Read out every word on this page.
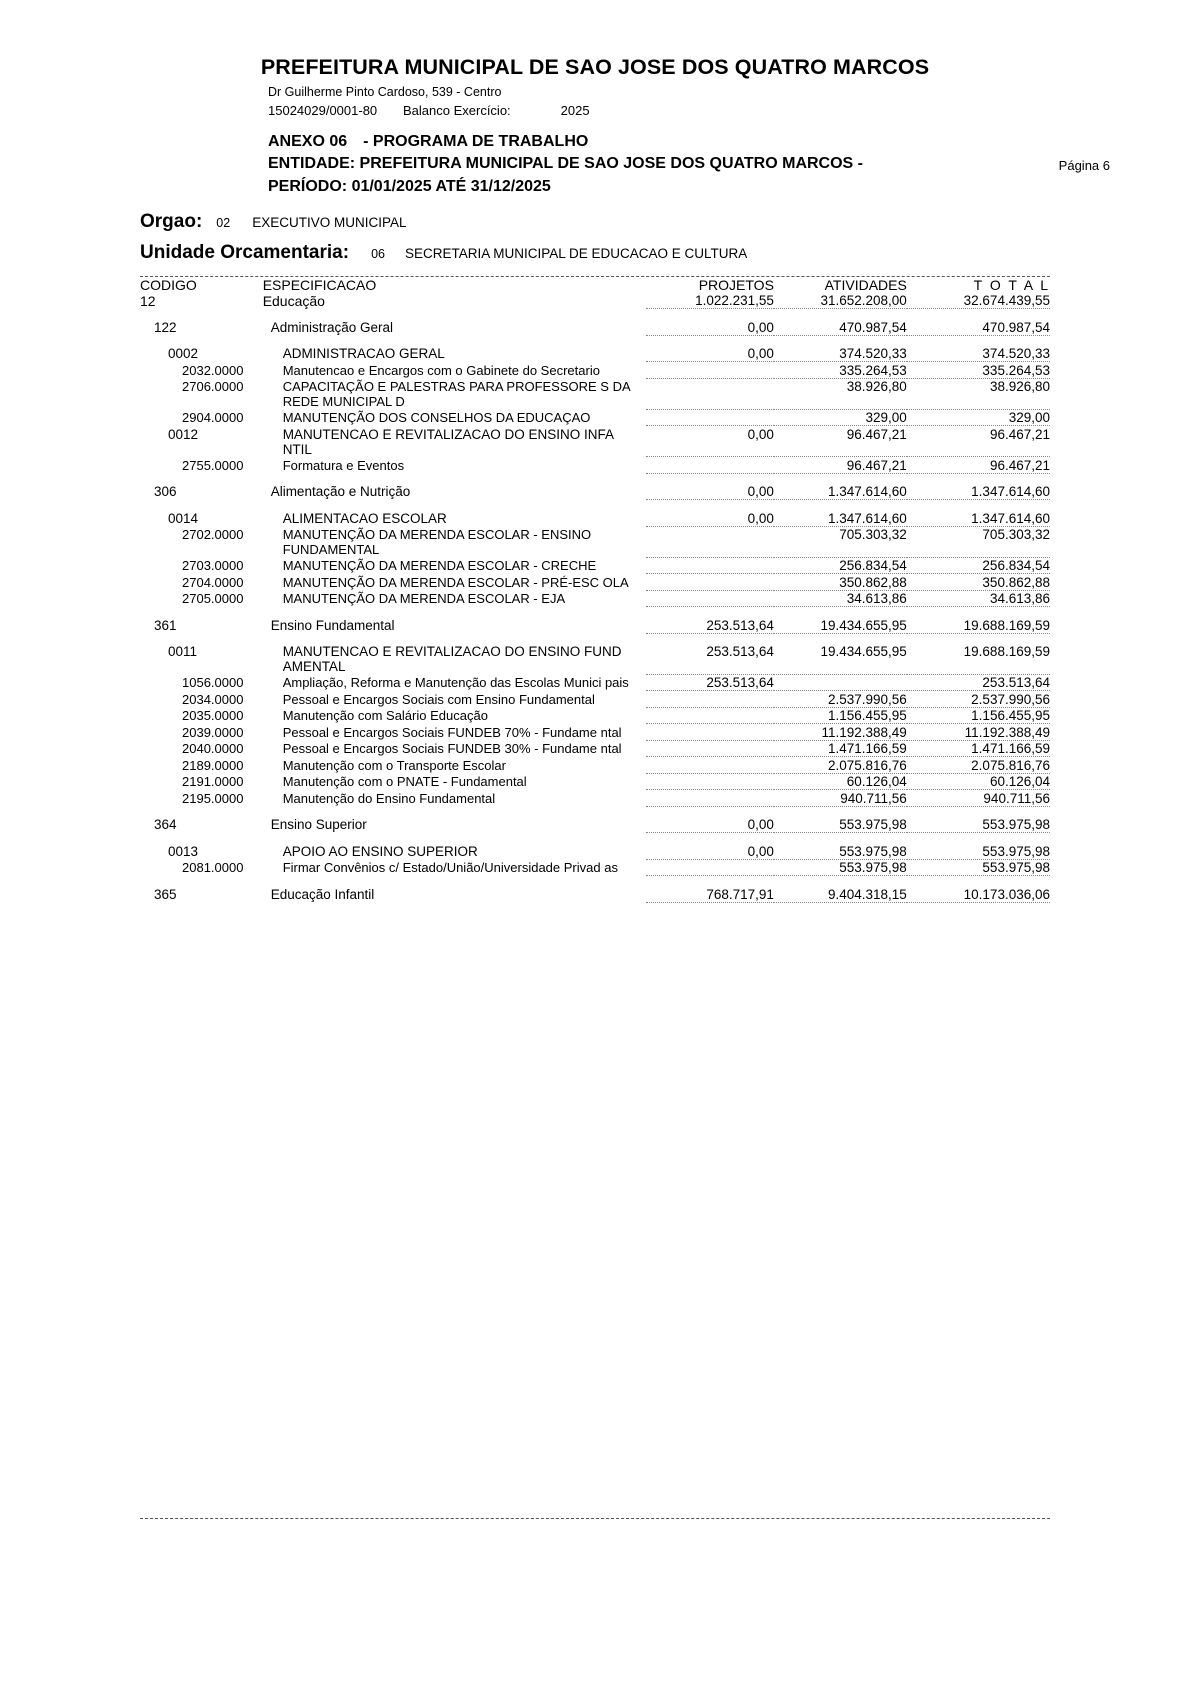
PREFEITURA MUNICIPAL DE SAO JOSE DOS QUATRO MARCOS
Dr Guilherme Pinto Cardoso, 539 - Centro
15024029/0001-80	Balanco Exercício:	2025
ANEXO 06 - PROGRAMA DE TRABALHO
ENTIDADE: PREFEITURA MUNICIPAL DE SAO JOSE DOS QUATRO MARCOS -
PERÍODO: 01/01/2025 ATÉ 31/12/2025
Página 6
Orgao: 02 EXECUTIVO MUNICIPAL
Unidade Orcamentaria: 06 SECRETARIA MUNICIPAL DE EDUCACAO E CULTURA
CODIGO	ESPECIFICACAO	PROJETOS	ATIVIDADES	T O T A L
12	Educação	1.022.231,55	31.652.208,00	32.674.439,55

122	Administração Geral	0,00	470.987,54	470.987,54

0002	ADMINISTRACAO GERAL	0,00	374.520,33	374.520,33

2032.0000	Manutencao e Encargos com o Gabinete do Secretario		335.264,53	335.264,53

2706.0000	CAPACITAÇÃO E PALESTRAS PARA PROFESSORE S DA REDE MUNICIPAL D		38.926,80	38.926,80

2904.0000	MANUTENÇÃO DOS CONSELHOS DA EDUCAÇAO		329,00	329,00

0012	MANUTENCAO E REVITALIZACAO DO ENSINO INFA NTIL	0,00	96.467,21	96.467,21

2755.0000	Formatura e Eventos		96.467,21	96.467,21

306	Alimentação e Nutrição	0,00	1.347.614,60	1.347.614,60

0014	ALIMENTACAO ESCOLAR	0,00	1.347.614,60	1.347.614,60

2702.0000	MANUTENÇÃO DA MERENDA ESCOLAR - ENSINO FUNDAMENTAL		705.303,32	705.303,32

2703.0000	MANUTENÇÃO DA MERENDA ESCOLAR - CRECHE		256.834,54	256.834,54

2704.0000	MANUTENÇÃO DA MERENDA ESCOLAR - PRÉ-ESC OLA		350.862,88	350.862,88

2705.0000	MANUTENÇÃO DA MERENDA ESCOLAR - EJA		34.613,86	34.613,86

361	Ensino Fundamental	253.513,64	19.434.655,95	19.688.169,59

0011	MANUTENCAO E REVITALIZACAO DO ENSINO FUND AMENTAL	253.513,64	19.434.655,95	19.688.169,59

1056.0000	Ampliação, Reforma e Manutenção das Escolas Munici pais	253.513,64		253.513,64

2034.0000	Pessoal e Encargos Sociais com Ensino Fundamental		2.537.990,56	2.537.990,56

2035.0000	Manutenção com Salário Educação		1.156.455,95	1.156.455,95

2039.0000	Pessoal e Encargos Sociais FUNDEB 70% - Fundame ntal		11.192.388,49	11.192.388,49

2040.0000	Pessoal e Encargos Sociais FUNDEB 30% - Fundame ntal		1.471.166,59	1.471.166,59

2189.0000	Manutenção com o Transporte Escolar		2.075.816,76	2.075.816,76

2191.0000	Manutenção com o PNATE - Fundamental		60.126,04	60.126,04

2195.0000	Manutenção do Ensino Fundamental		940.711,56	940.711,56

364	Ensino Superior	0,00	553.975,98	553.975,98

0013	APOIO AO ENSINO SUPERIOR	0,00	553.975,98	553.975,98

2081.0000	Firmar Convênios c/ Estado/União/Universidade Privad as		553.975,98	553.975,98

365	Educação Infantil	768.717,91	9.404.318,15	10.173.036,06
